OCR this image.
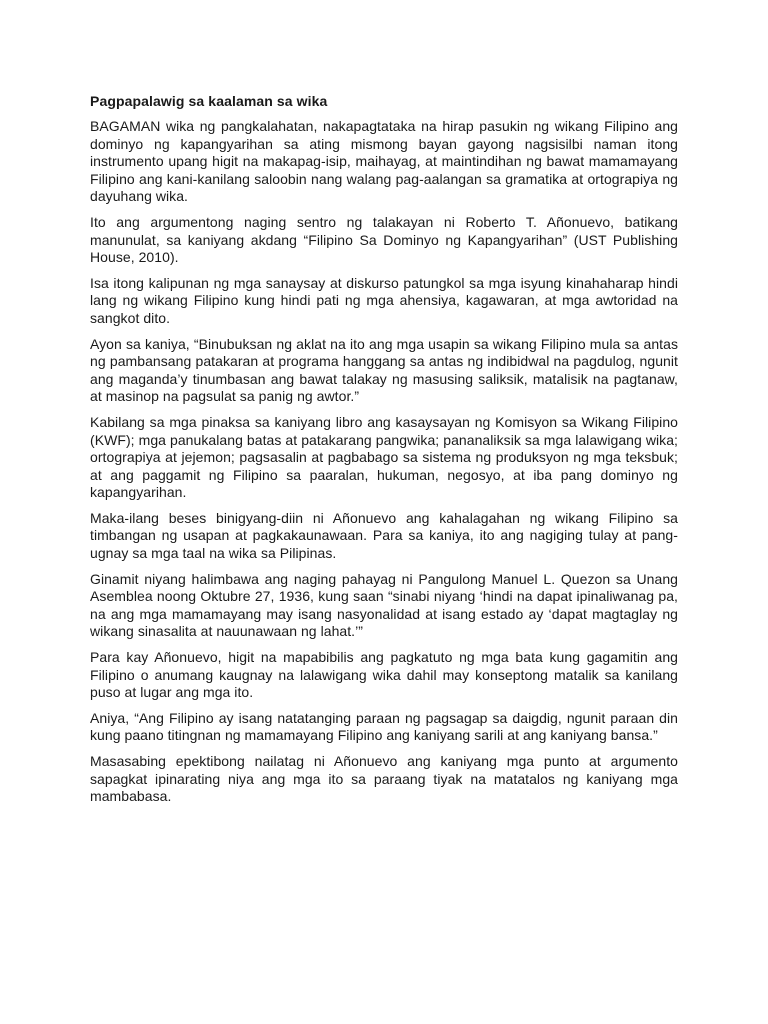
Pagpapalawig sa kaalaman sa wika

BAGAMAN wika ng pangkalahatan, nakapagtataka na hirap pasukin ng wikang Filipino ang dominyo ng kapangyarihan sa ating mismong bayan gayong nagsisilbi naman itong instrumento upang higit na makapag-isip, maihayag, at maintindihan ng bawat mamamayang Filipino ang kani-kanilang saloobin nang walang pag-aalangan sa gramatika at ortograpiya ng dayuhang wika.

Ito ang argumentong naging sentro ng talakayan ni Roberto T. Añonuevo, batikang manunulat, sa kaniyang akdang “Filipino Sa Dominyo ng Kapangyarihan” (UST Publishing House, 2010).

Isa itong kalipunan ng mga sanaysay at diskurso patungkol sa mga isyung kinahaharap hindi lang ng wikang Filipino kung hindi pati ng mga ahensiya, kagawaran, at mga awtoridad na sangkot dito.

Ayon sa kaniya, “Binubuksan ng aklat na ito ang mga usapin sa wikang Filipino mula sa antas ng pambansang patakaran at programa hanggang sa antas ng indibidwal na pagdulog, ngunit ang maganda’y tinumbasan ang bawat talakay ng masusing saliksik, matalisik na pagtanaw, at masinop na pagsulat sa panig ng awtor.”

Kabilang sa mga pinaksa sa kaniyang libro ang kasaysayan ng Komisyon sa Wikang Filipino (KWF); mga panukalang batas at patakarang pangwika; pananaliksik sa mga lalawigang wika; ortograpiya at jejemon; pagsasalin at pagbabago sa sistema ng produksyon ng mga teksbuk; at ang paggamit ng Filipino sa paaralan, hukuman, negosyo, at iba pang dominyo ng kapangyarihan.

Maka-ilang beses binigyang-diin ni Añonuevo ang kahalagahan ng wikang Filipino sa timbangan ng usapan at pagkakaunawaan. Para sa kaniya, ito ang nagiging tulay at pang-ugnay sa mga taal na wika sa Pilipinas.

Ginamit niyang halimbawa ang naging pahayag ni Pangulong Manuel L. Quezon sa Unang Asemblea noong Oktubre 27, 1936, kung saan “sinabi niyang ‘hindi na dapat ipinaliwanag pa, na ang mga mamamayang may isang nasyonalidad at isang estado ay ‘dapat magtaglay ng wikang sinasalita at nauunawaan ng lahat.’”

Para kay Añonuevo, higit na mapabibilis ang pagkatuto ng mga bata kung gagamitin ang Filipino o anumang kaugnay na lalawigang wika dahil may konseptong matalik sa kanilang puso at lugar ang mga ito.

Aniya, “Ang Filipino ay isang natatanging paraan ng pagsagap sa daigdig, ngunit paraan din kung paano titingnan ng mamamayang Filipino ang kaniyang sarili at ang kaniyang bansa.”

Masasabing epektibong nailatag ni Añonuevo ang kaniyang mga punto at argumento sapagkat ipinarating niya ang mga ito sa paraang tiyak na matatalos ng kaniyang mga mambabasa.
